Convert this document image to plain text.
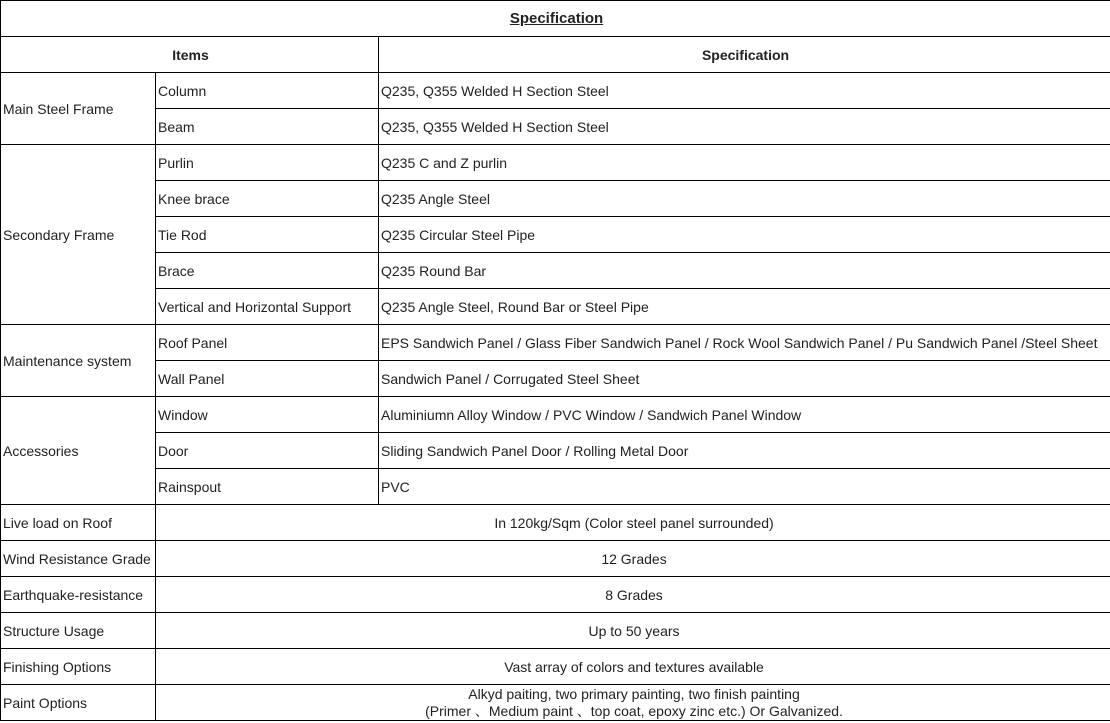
Specification		
Items		Specification
Main Steel Frame	Column	Q235, Q355 Welded H Section Steel
	Beam	Q235, Q355 Welded H Section Steel
Secondary Frame	Purlin	Q235 C and Z purlin
	Knee brace	Q235 Angle Steel
	Tie Rod	Q235 Circular Steel Pipe
	Brace	Q235 Round Bar
	Vertical and Horizontal Support	Q235 Angle Steel, Round Bar or Steel Pipe
Maintenance system	Roof Panel	EPS Sandwich Panel / Glass Fiber Sandwich Panel / Rock Wool Sandwich Panel / Pu Sandwich Panel /Steel Sheet
	Wall Panel	Sandwich Panel / Corrugated Steel Sheet
Accessories	Window	Aluminiumn Alloy Window / PVC Window / Sandwich Panel Window
	Door	Sliding Sandwich Panel Door / Rolling Metal Door
	Rainspout	PVC
Live load on Roof	In 120kg/Sqm (Color steel panel surrounded)	
Wind Resistance Grade	12 Grades	
Earthquake-resistance	8 Grades	
Structure Usage	Up to 50 years	
Finishing Options	Vast array of colors and textures available	
Paint Options	Alkyd paiting, two primary painting, two finish painting
(Primer 、Medium paint 、top coat, epoxy zinc etc.) Or Galvanized.	
